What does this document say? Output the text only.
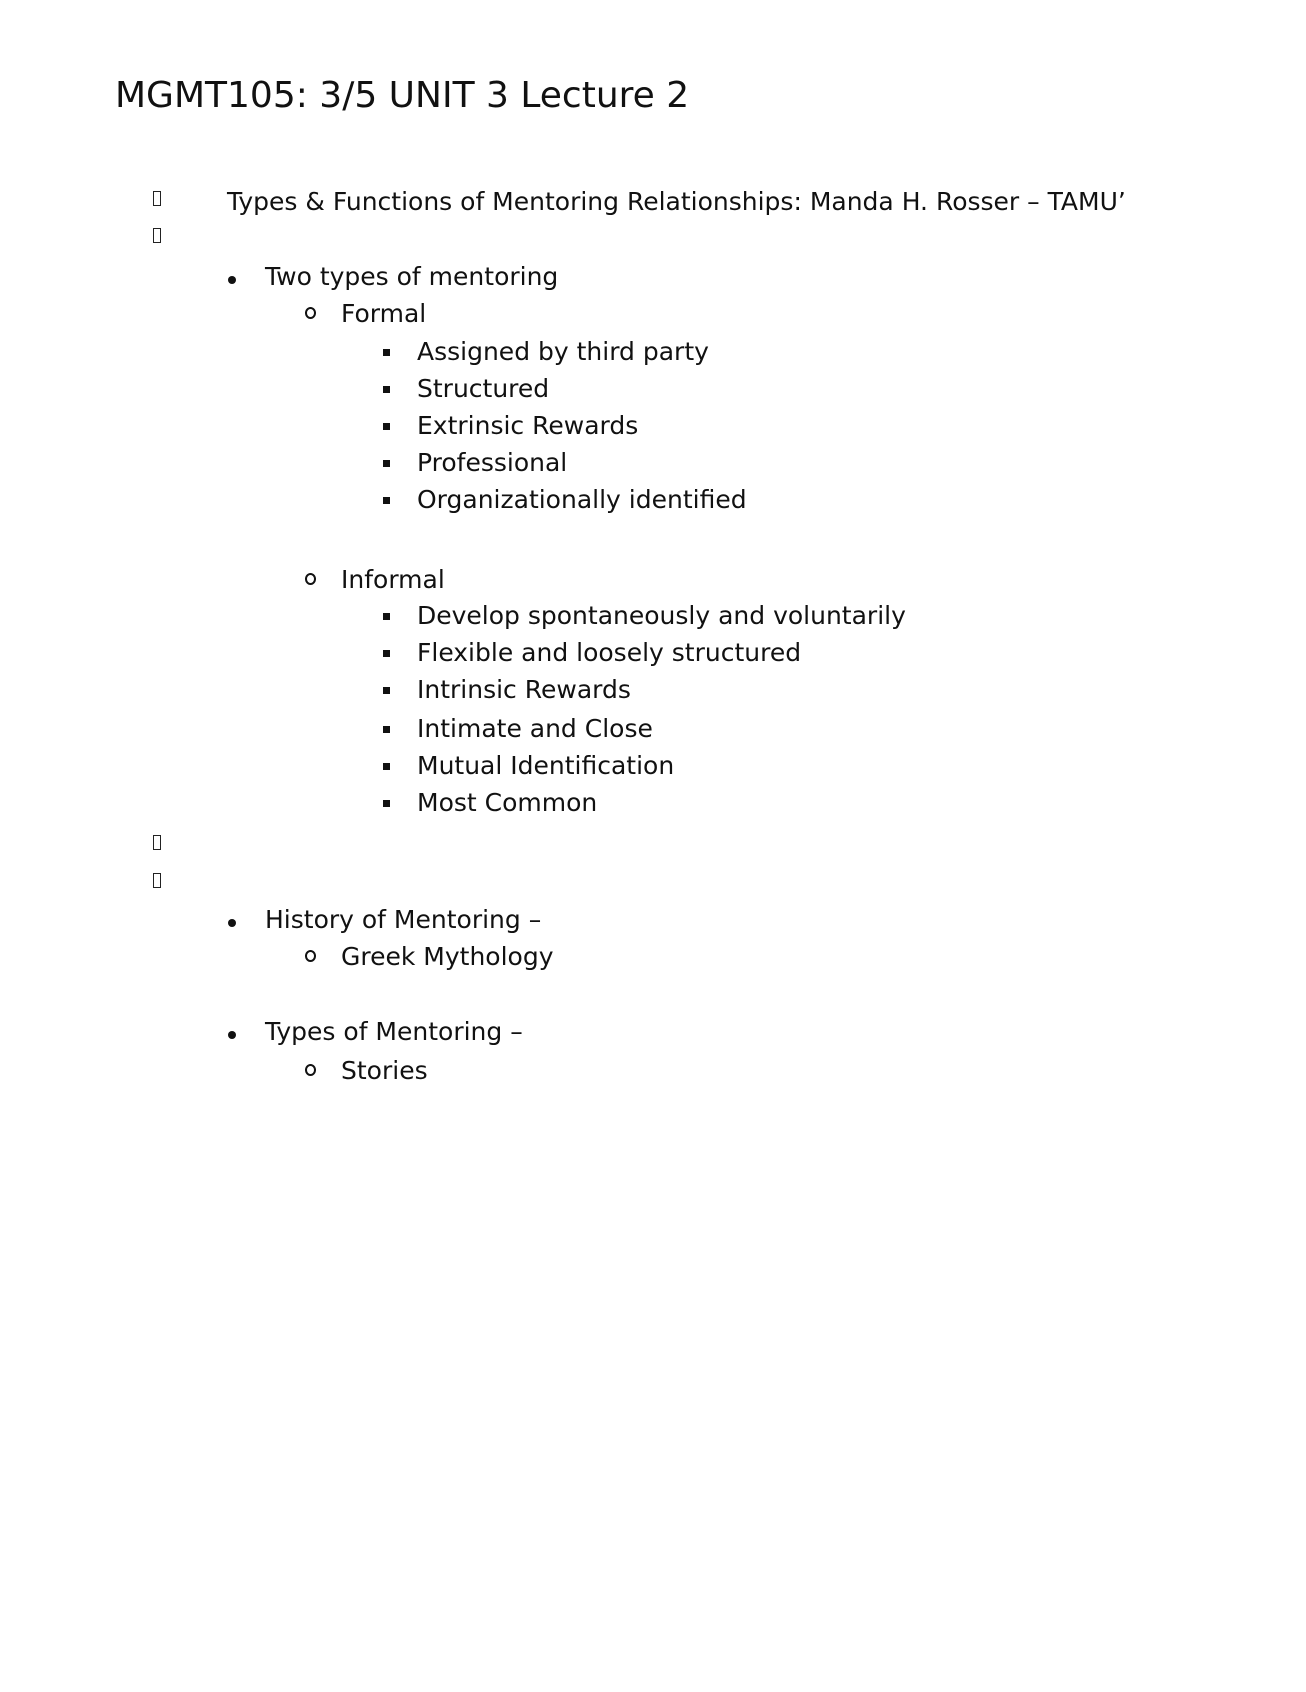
MGMT105: 3/5 UNIT 3 Lecture 2
Types & Functions of Mentoring Relationships: Manda H. Rosser – TAMU’
Two types of mentoring
Formal
Assigned by third party
Structured
Extrinsic Rewards
Professional
Organizationally identified
Informal
Develop spontaneously and voluntarily
Flexible and loosely structured
Intrinsic Rewards
Intimate and Close
Mutual Identification
Most Common
History of Mentoring –
Greek Mythology
Types of Mentoring –
Stories
